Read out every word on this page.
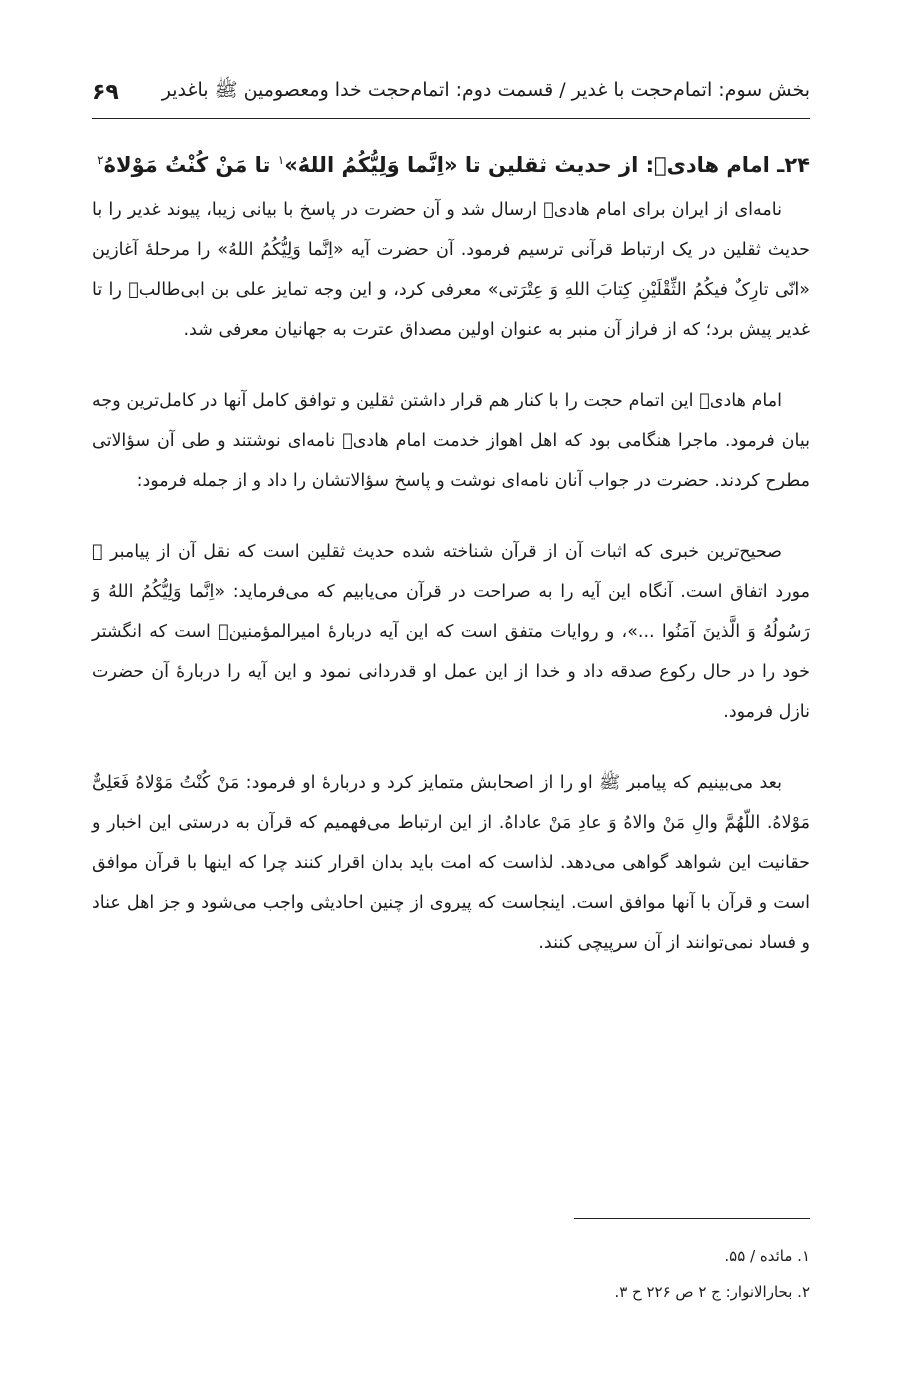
بخش سوم: اتمام‌حجت با غدیر / قسمت دوم: اتمام‌حجت خدا ومعصومین ﷺ باغدیر
۶۹
۲۴ـ امام هادیؑ: از حدیث ثقلین تا «اِنَّما وَلِیُّکُمُ اللهُ»$^۱$ تا مَنْ کُنْتُ مَوْلاهُ$^۲$

نامه‌ای از ایران برای امام هادیؑ ارسال شد و آن حضرت در پاسخ با بیانی زیبا، پیوند غدیر را با حدیث ثقلین در یک ارتباط قرآنی ترسیم فرمود. آن حضرت آیه «اِنَّما وَلِیُّکُمُ اللهُ» را مرحلهٔ آغازین «انّی تارِکٌ فیکُمُ الثِّقْلَیْنِ کِتابَ اللهِ وَ عِتْرَتی» معرفی کرد، و این وجه تمایز علی بن ابی‌طالبؑ را تا غدیر پیش برد؛ که از فراز آن منبر به عنوان اولین مصداق عترت به جهانیان معرفی شد.

امام هادیؑ این اتمام حجت را با کنار هم قرار داشتن ثقلین و توافق کامل آنها در کامل‌ترین وجه بیان فرمود. ماجرا هنگامی بود که اهل اهواز خدمت امام هادیؑ نامه‌ای نوشتند و طی آن سؤالاتی مطرح کردند. حضرت در جواب آنان نامه‌ای نوشت و پاسخ سؤالاتشان را داد و از جمله فرمود:

صحیح‌ترین خبری که اثبات آن از قرآن شناخته شده حدیث ثقلین است که نقل آن از پیامبر ﷺ مورد اتفاق است. آنگاه این آیه را به صراحت در قرآن می‌یابیم که می‌فرماید: «اِنَّما وَلِیُّکُمُ اللهُ وَ رَسُولُهُ وَ الَّذینَ آمَنُوا ...»، و روایات متفق است که این آیه دربارهٔ امیرالمؤمنینؑ است که انگشتر خود را در حال رکوع صدقه داد و خدا از این عمل او قدردانی نمود و این آیه را دربارهٔ آن حضرت نازل فرمود.

بعد می‌بینیم که پیامبر ﷺ او را از اصحابش متمایز کرد و دربارهٔ او فرمود: مَنْ کُنْتُ مَوْلاهُ فَعَلِیٌّ مَوْلاهُ. اللّهُمَّ والِ مَنْ والاهُ وَ عادِ مَنْ عاداهُ. از این ارتباط می‌فهمیم که قرآن به درستی این اخبار و حقانیت این شواهد گواهی می‌دهد. لذاست که امت باید بدان اقرار کنند چرا که اینها با قرآن موافق است و قرآن با آنها موافق است. اینجاست که پیروی از چنین احادیثی واجب می‌شود و جز اهل عناد و فساد نمی‌توانند از آن سرپیچی کنند.

۱. مائده / ۵۵.
۲. بحارالانوار: ج ۲ ص ۲۲۶ ح ۳.
